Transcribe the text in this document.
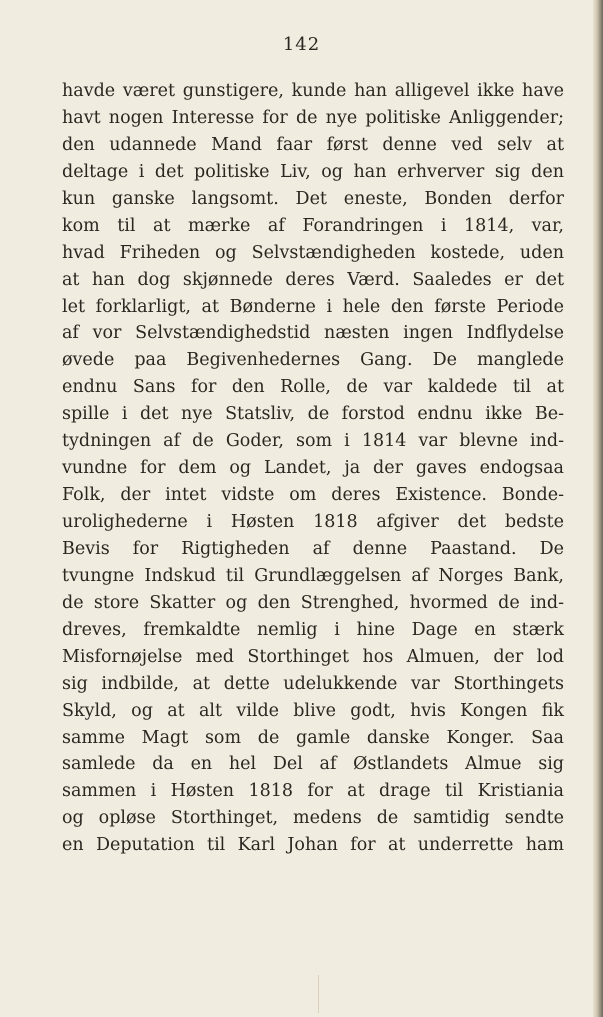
142
havde været gunstigere, kunde han alligevel ikke have
havt nogen Interesse for de nye politiske Anliggender;
den udannede Mand faar først denne ved selv at
deltage i det politiske Liv, og han erhverver sig den
kun ganske langsomt. Det eneste, Bonden derfor
kom til at mærke af Forandringen i 1814, var,
hvad Friheden og Selvstændigheden kostede, uden
at han dog skjønnede deres Værd. Saaledes er det
let forklarligt, at Bønderne i hele den første Periode
af vor Selvstændighedstid næsten ingen Indflydelse
øvede paa Begivenhedernes Gang. De manglede
endnu Sans for den Rolle, de var kaldede til at
spille i det nye Statsliv, de forstod endnu ikke Be-
tydningen af de Goder, som i 1814 var blevne ind-
vundne for dem og Landet, ja der gaves endogsaa
Folk, der intet vidste om deres Existence. Bonde-
urolighederne i Høsten 1818 afgiver det bedste
Bevis for Rigtigheden af denne Paastand. De
tvungne Indskud til Grundlæggelsen af Norges Bank,
de store Skatter og den Strenghed, hvormed de ind-
dreves, fremkaldte nemlig i hine Dage en stærk
Misfornøjelse med Storthinget hos Almuen, der lod
sig indbilde, at dette udelukkende var Storthingets
Skyld, og at alt vilde blive godt, hvis Kongen fik
samme Magt som de gamle danske Konger. Saa
samlede da en hel Del af Østlandets Almue sig
sammen i Høsten 1818 for at drage til Kristiania
og opløse Storthinget, medens de samtidig sendte
en Deputation til Karl Johan for at underrette ham
